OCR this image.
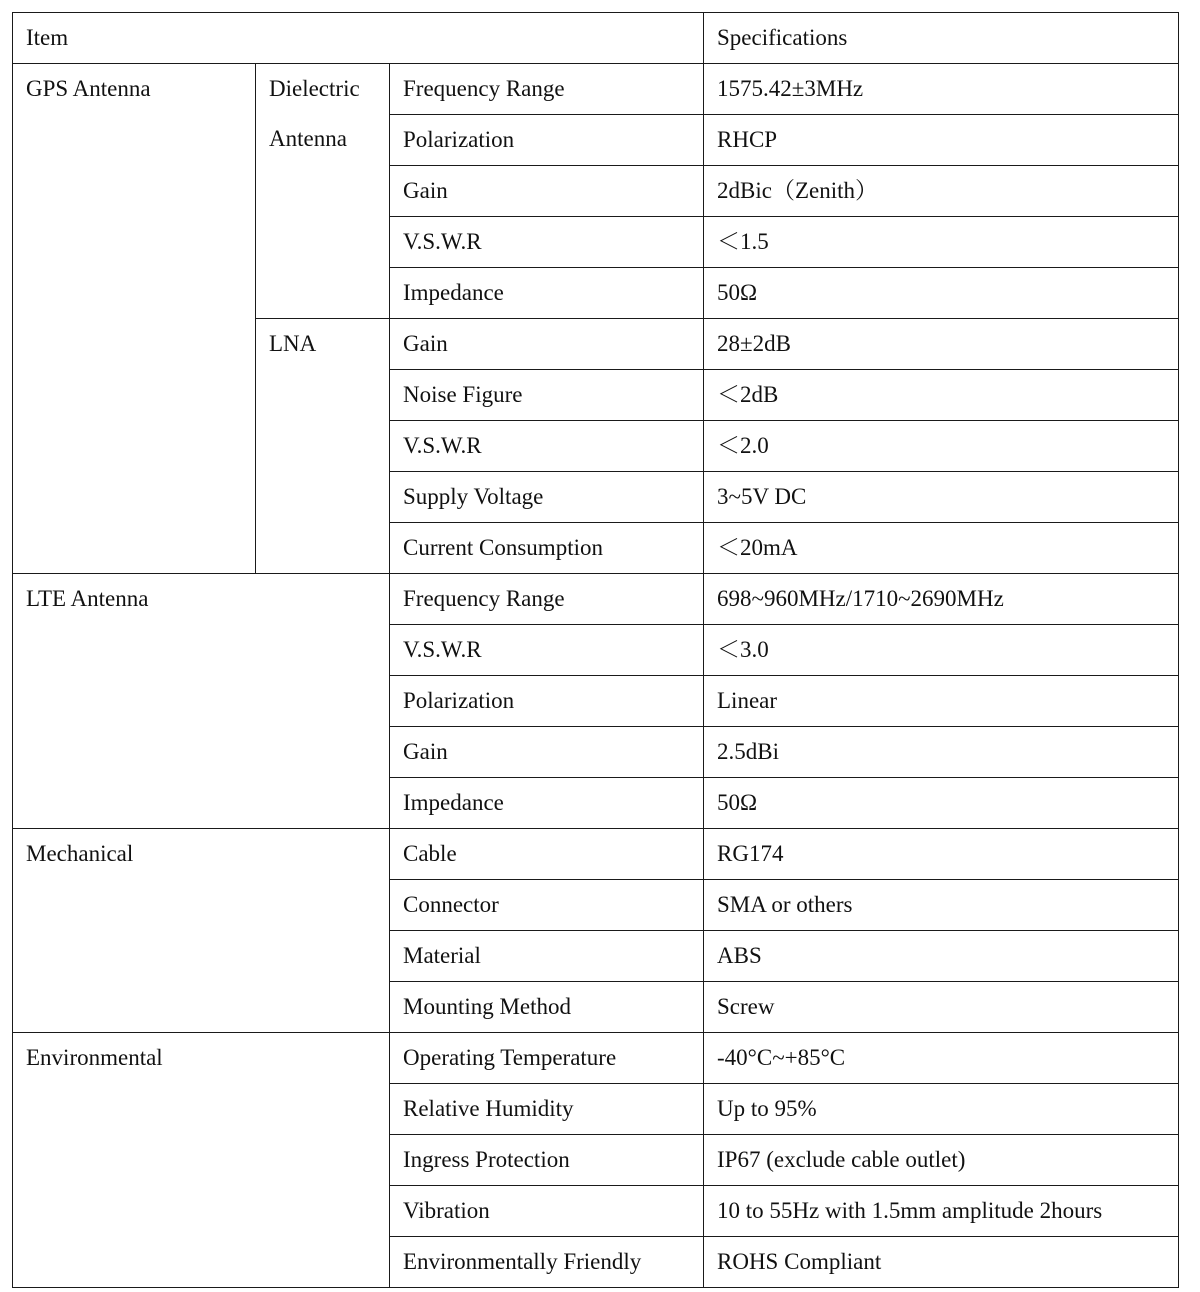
Item			Specifications
GPS Antenna	Dielectric Antenna	Frequency Range	1575.42±3MHz
		Polarization	RHCP
		Gain	2dBic（Zenith）
		V.S.W.R	＜1.5
		Impedance	50Ω
	LNA	Gain	28±2dB
		Noise Figure	＜2dB
		V.S.W.R	＜2.0
		Supply Voltage	3~5V DC
		Current Consumption	＜20mA
LTE Antenna		Frequency Range	698~960MHz/1710~2690MHz
		V.S.W.R	＜3.0
		Polarization	Linear
		Gain	2.5dBi
		Impedance	50Ω
Mechanical		Cable	RG174
		Connector	SMA or others
		Material	ABS
		Mounting Method	Screw
Environmental		Operating Temperature	-40°C~+85°C
		Relative Humidity	Up to 95%
		Ingress Protection	IP67 (exclude cable outlet)
		Vibration	10 to 55Hz with 1.5mm amplitude 2hours
		Environmentally Friendly	ROHS Compliant
